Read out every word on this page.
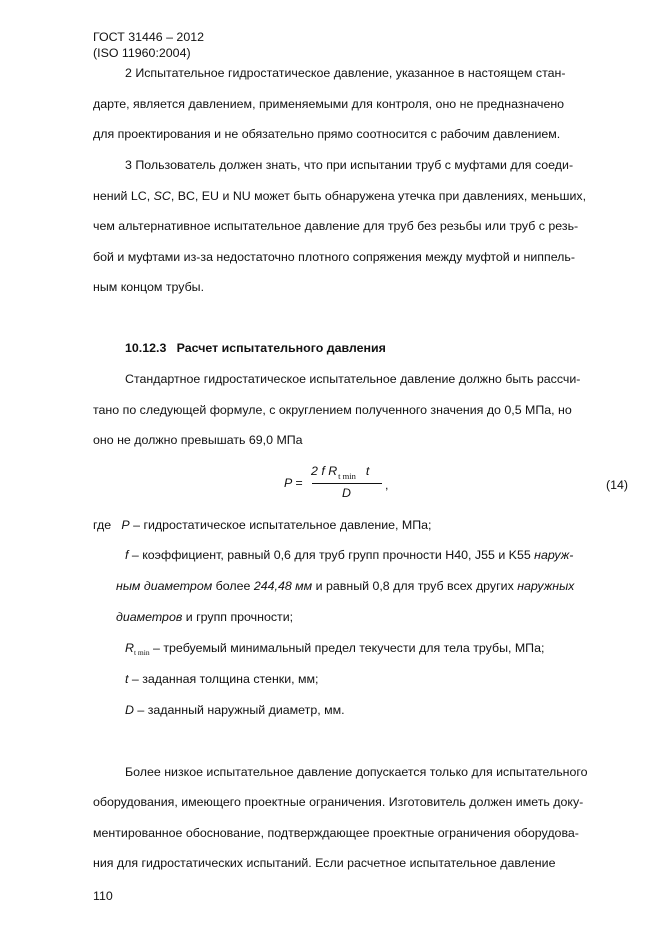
ГОСТ 31446 – 2012
(ISO 11960:2004)
2 Испытательное гидростатическое давление, указанное в настоящем стан-
дарте, является давлением, применяемыми для контроля, оно не предназначено
для проектирования и не обязательно прямо соотносится с рабочим давлением.
3 Пользователь должен знать, что при испытании труб с муфтами для соеди-
нений LC, SC, BC, EU и NU может быть обнаружена утечка при давлениях, меньших,
чем альтернативное испытательное давление для труб без резьбы или труб с резь-
бой и муфтами из-за недостаточно плотного сопряжения между муфтой и ниппель-
ным концом трубы.
10.12.3 Расчет испытательного давления
Стандартное гидростатическое испытательное давление должно быть рассчи-
тано по следующей формуле, с округлением полученного значения до 0,5 МПа, но
оно не должно превышать 69,0 МПа
P =
2 f $R_{t min}$ t
D
,	(14)
где P – гидростатическое испытательное давление, МПа;
f – коэффициент, равный 0,6 для труб групп прочности H40, J55 и K55 наруж-
ным диаметром более 244,48 мм и равный 0,8 для труб всех других наружных
диаметров и групп прочности;
$R_{t min}$ – требуемый минимальный предел текучести для тела трубы, МПа;
t – заданная толщина стенки, мм;
D – заданный наружный диаметр, мм.
Более низкое испытательное давление допускается только для испытательного
оборудования, имеющего проектные ограничения. Изготовитель должен иметь доку-
ментированное обоснование, подтверждающее проектные ограничения оборудова-
ния для гидростатических испытаний. Если расчетное испытательное давление
110
